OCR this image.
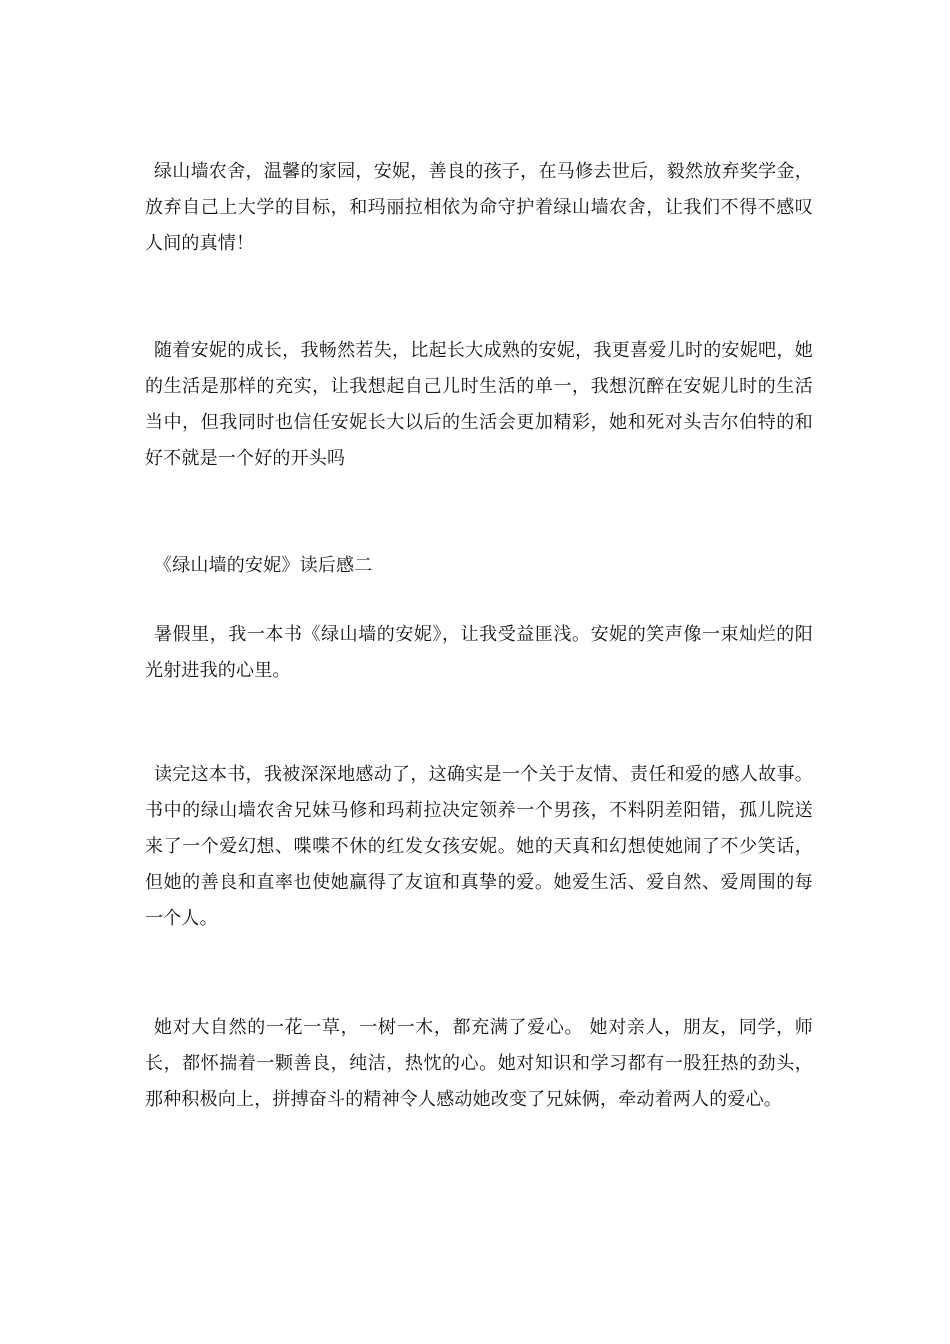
绿山墙农舍，温馨的家园，安妮，善良的孩子，在马修去世后，毅然放弃奖学金，放弃自己上大学的目标，和玛丽拉相依为命守护着绿山墙农舍，让我们不得不感叹人间的真情！

随着安妮的成长，我畅然若失，比起长大成熟的安妮，我更喜爱儿时的安妮吧，她的生活是那样的充实，让我想起自己儿时生活的单一，我想沉醉在安妮儿时的生活当中，但我同时也信任安妮长大以后的生活会更加精彩，她和死对头吉尔伯特的和好不就是一个好的开头吗

《绿山墙的安妮》读后感二

暑假里，我一本书《绿山墙的安妮》，让我受益匪浅。安妮的笑声像一束灿烂的阳光射进我的心里。

读完这本书，我被深深地感动了，这确实是一个关于友情、责任和爱的感人故事。书中的绿山墙农舍兄妹马修和玛莉拉决定领养一个男孩，不料阴差阳错，孤儿院送来了一个爱幻想、喋喋不休的红发女孩安妮。她的天真和幻想使她闹了不少笑话，但她的善良和直率也使她赢得了友谊和真挚的爱。她爱生活、爱自然、爱周围的每一个人。

她对大自然的一花一草，一树一木，都充满了爱心。 她对亲人，朋友，同学，师长，都怀揣着一颗善良，纯洁，热忱的心。她对知识和学习都有一股狂热的劲头，那种积极向上，拼搏奋斗的精神令人感动她改变了兄妹俩，牵动着两人的爱心。
